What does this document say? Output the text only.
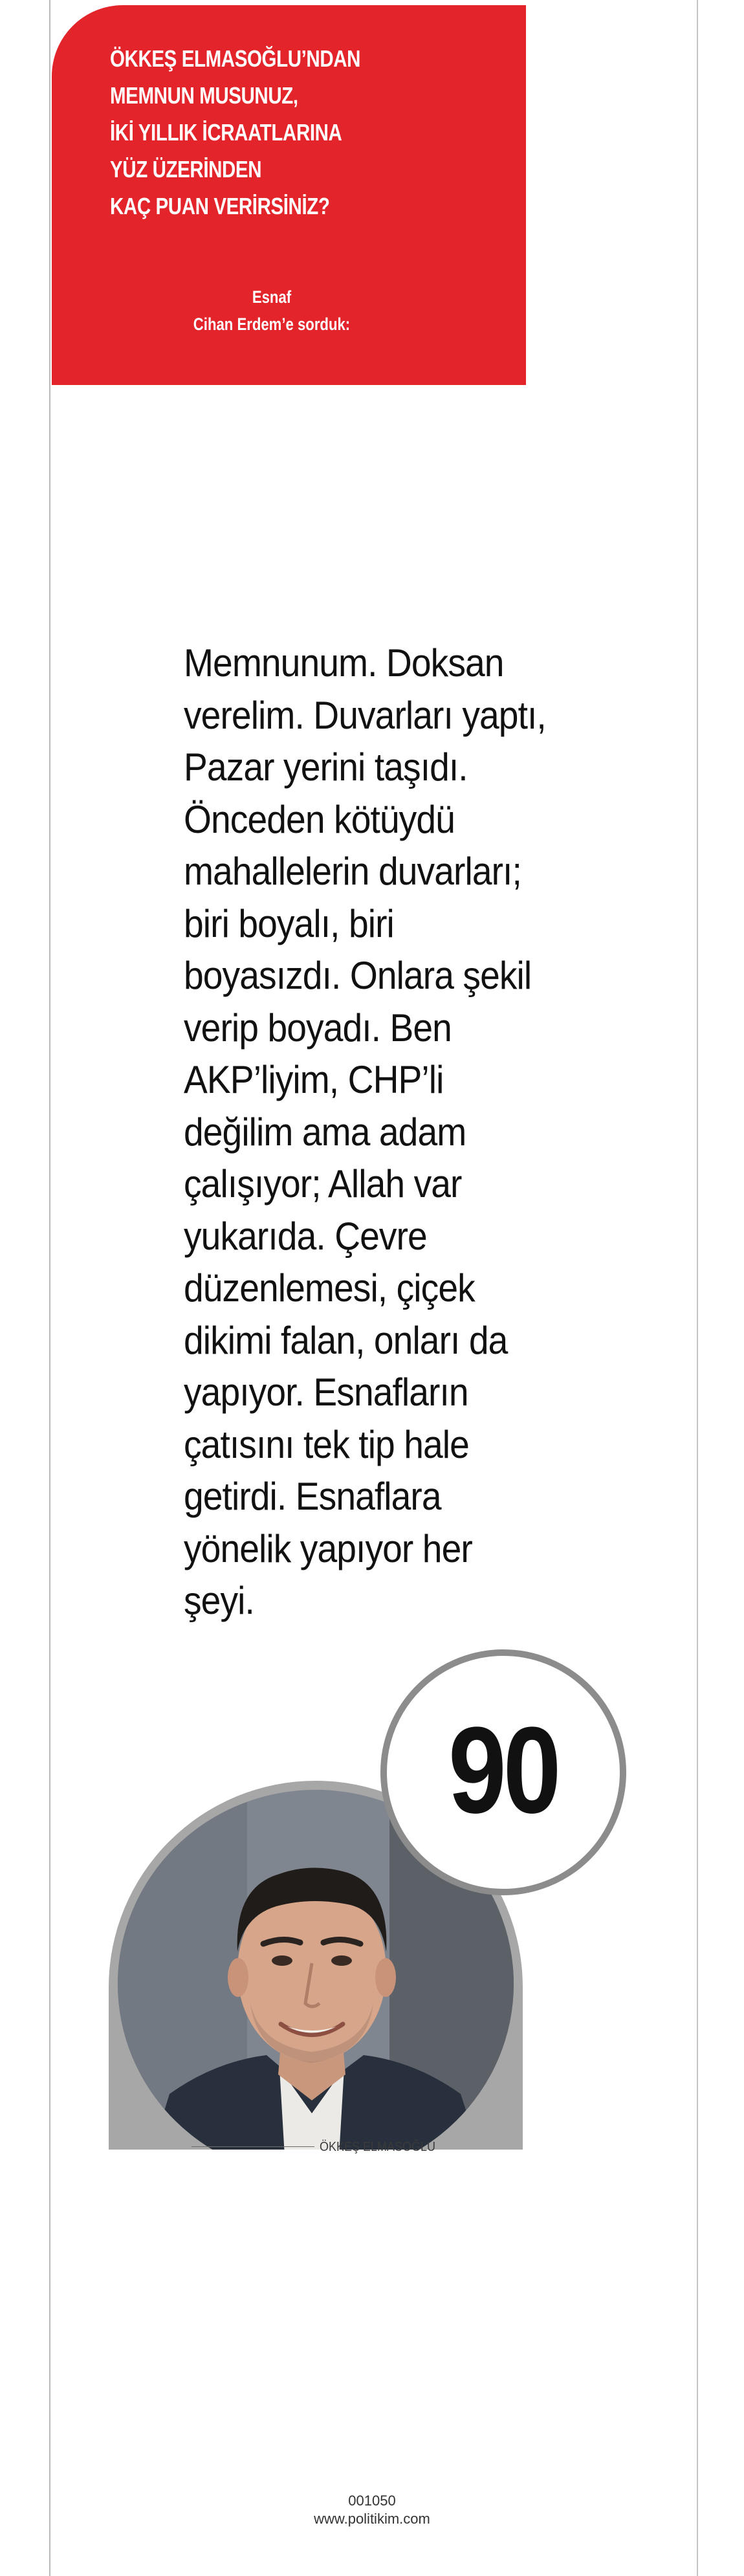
ÖKKEŞ ELMASOĞLU’NDAN
MEMNUN MUSUNUZ,
İKİ YILLIK İCRAATLARINA
YÜZ ÜZERİNDEN
KAÇ PUAN VERİRSİNİZ?
Esnaf
Cihan Erdem’e sorduk:
Memnunum. Doksan
verelim. Duvarları yaptı,
Pazar yerini taşıdı.
Önceden kötüydü
mahallelerin duvarları;
biri boyalı, biri
boyasızdı. Onlara şekil
verip boyadı. Ben
AKP’liyim, CHP’li
değilim ama adam
çalışıyor; Allah var
yukarıda. Çevre
düzenlemesi, çiçek
dikimi falan, onları da
yapıyor. Esnafların
çatısını tek tip hale
getirdi. Esnaflara
yönelik yapıyor her
şeyi.
90
ÖKKEŞ ELMASOĞLU
001050
www.politikim.com
